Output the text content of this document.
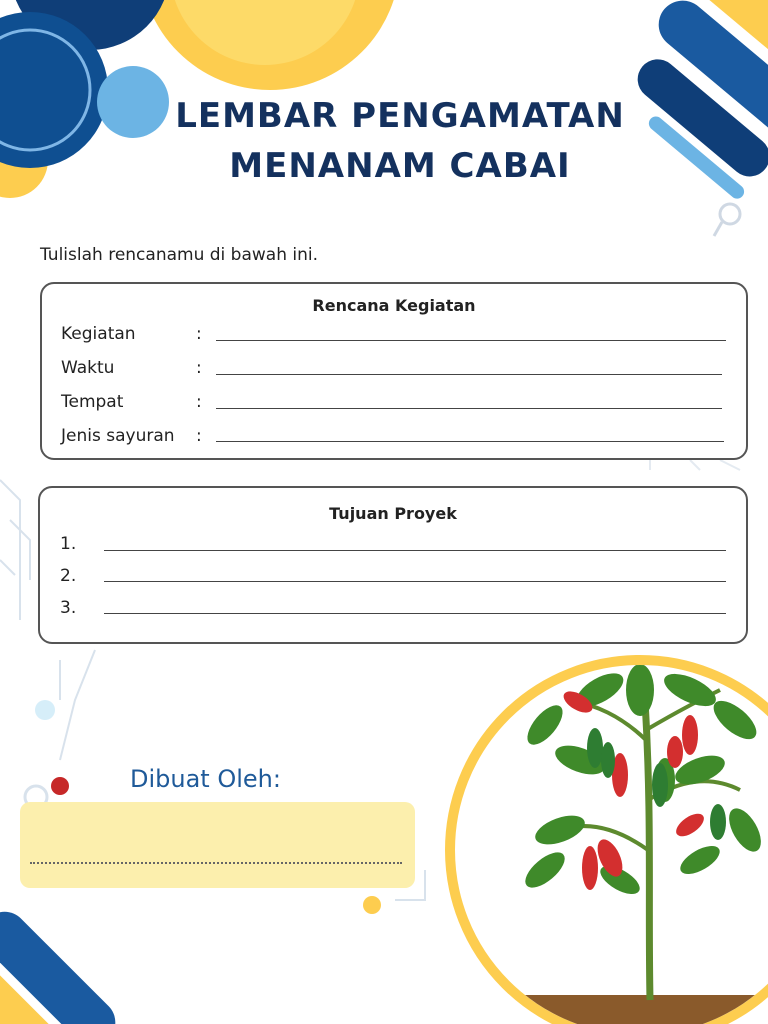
LEMBAR PENGAMATAN
MENANAM CABAI
Tulislah rencanamu di bawah ini.
Rencana Kegiatan
Kegiatan	:
Waktu	:
Tempat	:
Jenis sayuran :
Tujuan Proyek
1.
2.
3.
Dibuat Oleh:
